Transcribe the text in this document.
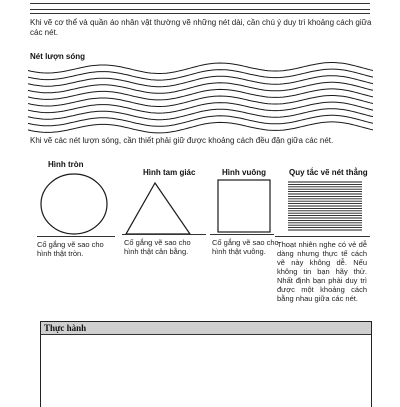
Khi vẽ cơ thể và quần áo nhân vật thường vẽ những nét dài, cần chú ý duy trì khoảng cách giữa
các nét.
Nét lượn sóng
Khi vẽ các nét lượn sóng, cần thiết phải giữ được khoảng cách đều đặn giữa các nét.
Hình tròn
Hình tam giác	Hình vuông	Quy tắc vẽ nét thẳng
Cố gắng vẽ sao cho
hình thật tròn.
Cố gắng vẽ sao cho
hình thật cân bằng.
Cố gắng vẽ sao cho
hình thật vuông.
Thoạt nhiên nghe có vẻ dễ
dàng nhưng thực tế cách
vẽ này không dễ. Nếu
không tin bạn hãy thử.
Nhất định bạn phải duy trì
được một khoảng cách
bằng nhau giữa các nét.
Thực hành
